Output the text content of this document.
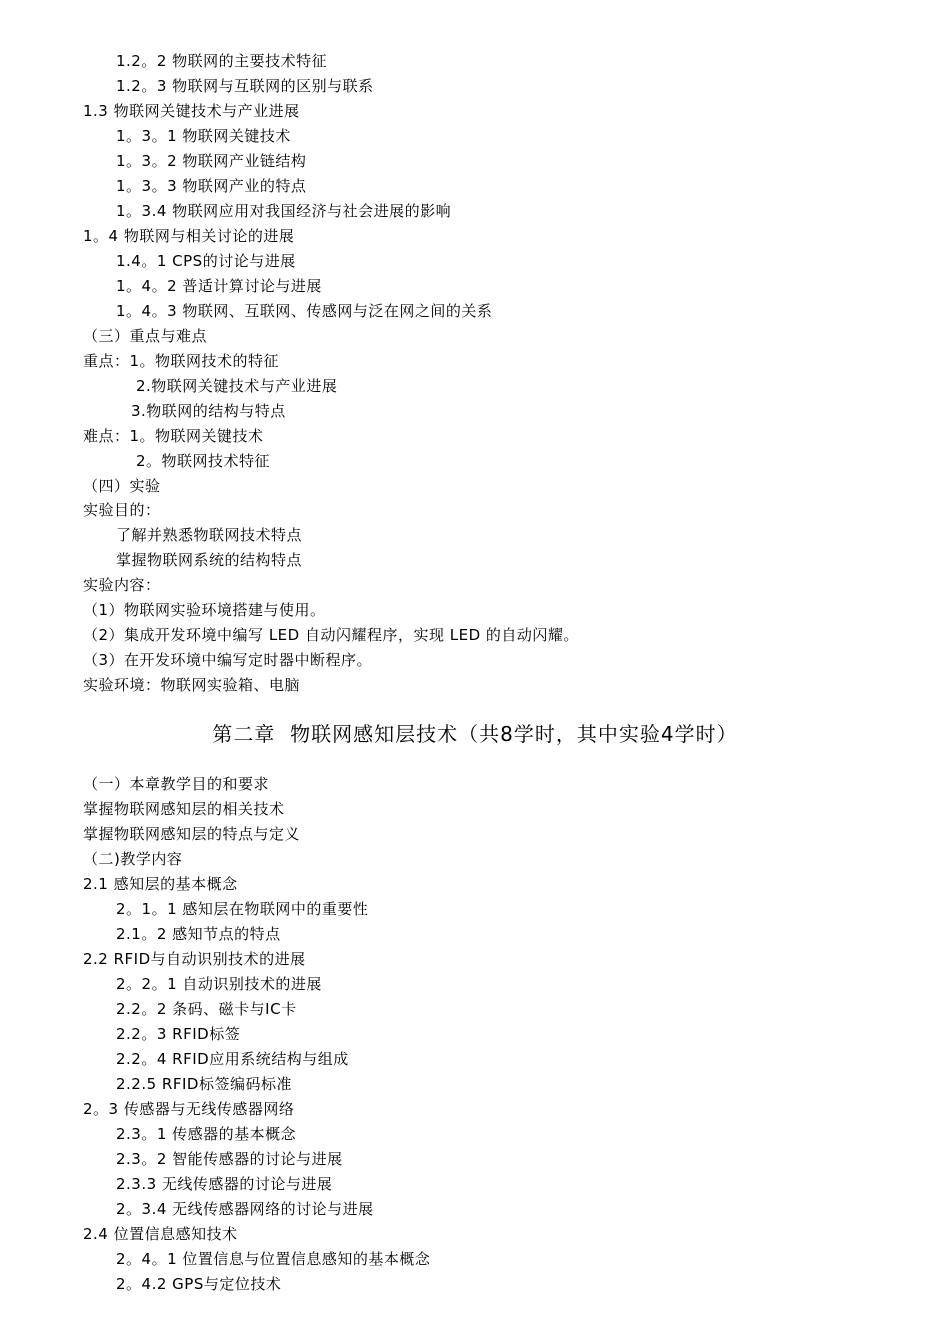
1.2。2 物联网的主要技术特征
1.2。3 物联网与互联网的区别与联系
1.3 物联网关键技术与产业进展
1。3。1 物联网关键技术
1。3。2 物联网产业链结构
1。3。3 物联网产业的特点
1。3.4 物联网应用对我国经济与社会进展的影响
1。4 物联网与相关讨论的进展
1.4。1 CPS的讨论与进展
1。4。2 普适计算讨论与进展
1。4。3 物联网、互联网、传感网与泛在网之间的关系
（三）重点与难点
重点：1。物联网技术的特征
2.物联网关键技术与产业进展
3.物联网的结构与特点
难点：1。物联网关键技术
2。物联网技术特征
（四）实验
实验目的：
了解并熟悉物联网技术特点
掌握物联网系统的结构特点
实验内容：
（1）物联网实验环境搭建与使用。
（2）集成开发环境中编写 LED 自动闪耀程序，实现 LED 的自动闪耀。
（3）在开发环境中编写定时器中断程序。
实验环境：物联网实验箱、电脑
第二章  物联网感知层技术（共8学时，其中实验4学时）
（一）本章教学目的和要求
掌握物联网感知层的相关技术
掌握物联网感知层的特点与定义
（二)教学内容
2.1 感知层的基本概念
2。1。1 感知层在物联网中的重要性
2.1。2 感知节点的特点
2.2 RFID与自动识别技术的进展
2。2。1 自动识别技术的进展
2.2。2 条码、磁卡与IC卡
2.2。3 RFID标签
2.2。4 RFID应用系统结构与组成
2.2.5 RFID标签编码标准
2。3 传感器与无线传感器网络
2.3。1 传感器的基本概念
2.3。2 智能传感器的讨论与进展
2.3.3 无线传感器的讨论与进展
2。3.4 无线传感器网络的讨论与进展
2.4 位置信息感知技术
2。4。1 位置信息与位置信息感知的基本概念
2。4.2 GPS与定位技术
